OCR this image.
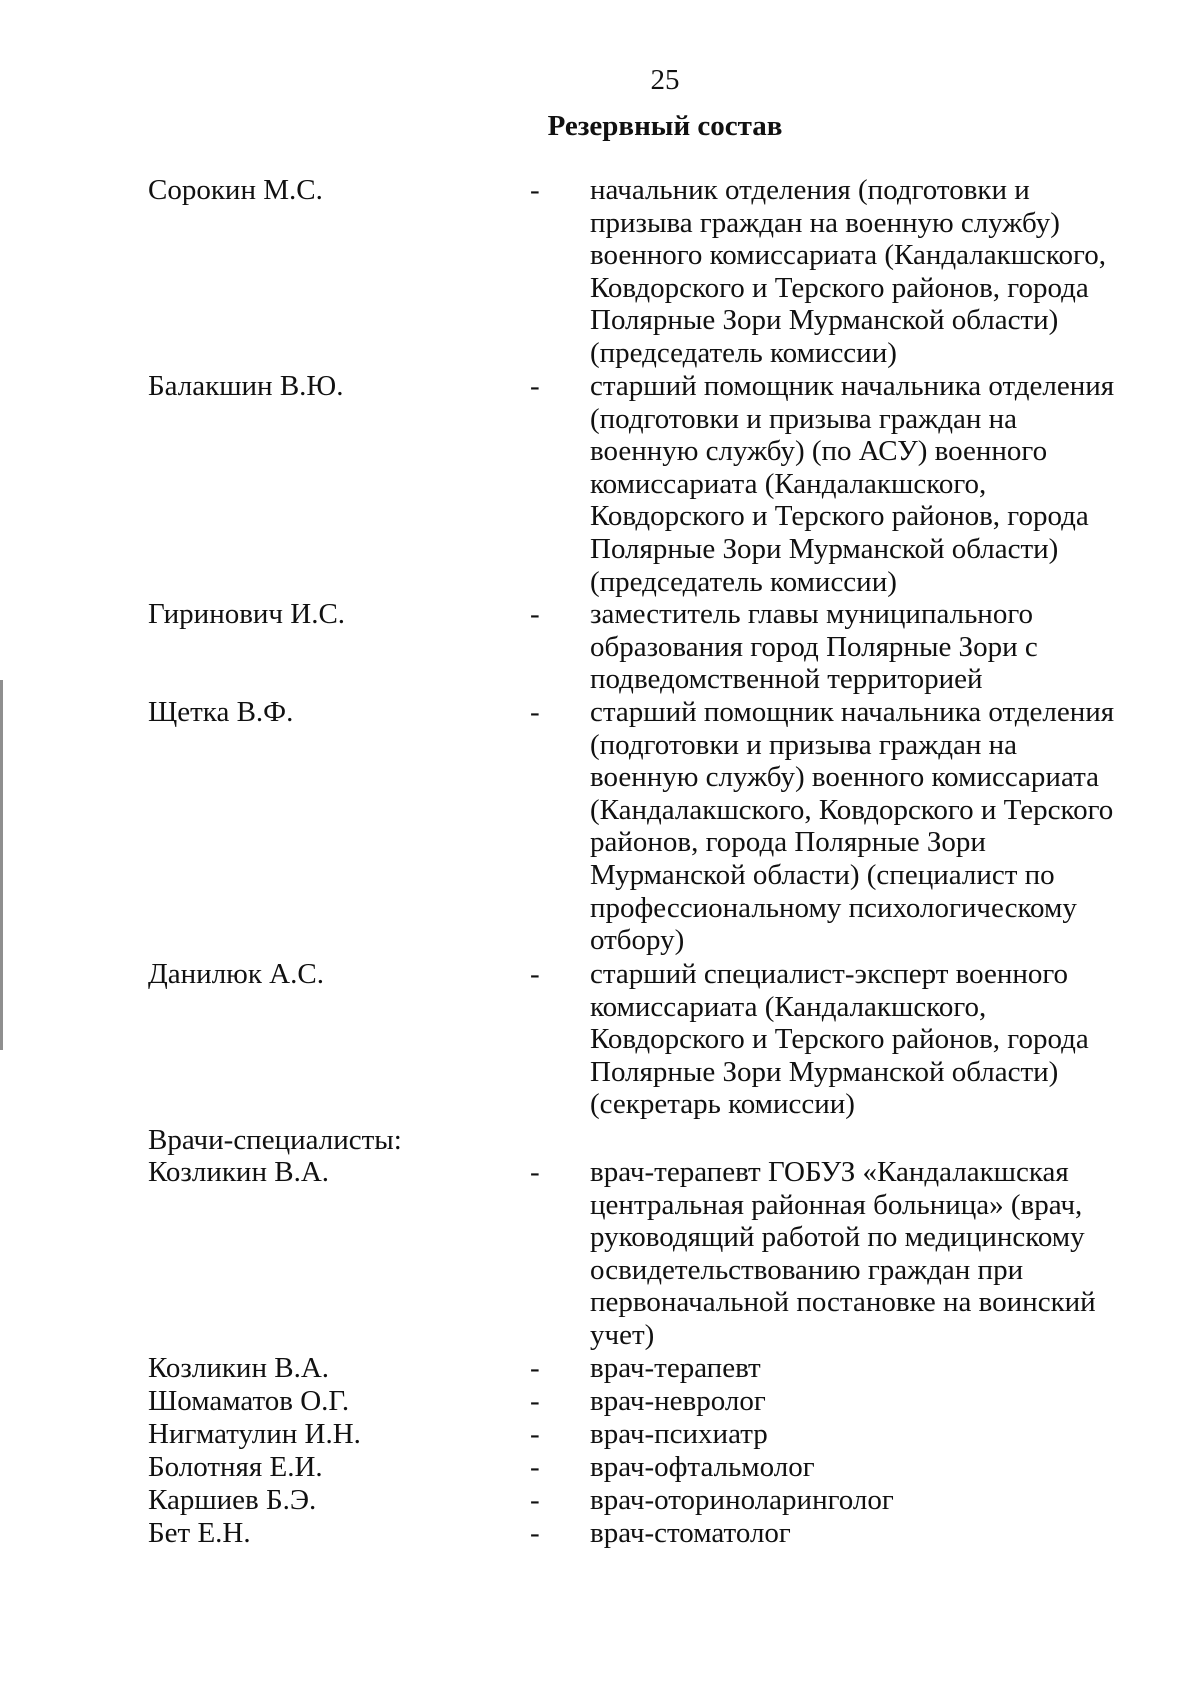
25
Резервный состав
Сорокин М.С.	- начальник отделения (подготовки и
призыва граждан на военную службу)
военного комиссариата (Кандалакшского,
Ковдорского и Терского районов, города
Полярные Зори Мурманской области)
(председатель комиссии)
Балакшин В.Ю.	- старший помощник начальника отделения
(подготовки и призыва граждан на
военную службу) (по АСУ) военного
комиссариата (Кандалакшского,
Ковдорского и Терского районов, города
Полярные Зори Мурманской области)
(председатель комиссии)
Гиринович И.С.	- заместитель главы муниципального
образования город Полярные Зори с
подведомственной территорией
Щетка В.Ф.	- старший помощник начальника отделения
(подготовки и призыва граждан на
военную службу) военного комиссариата
(Кандалакшского, Ковдорского и Терского
районов, города Полярные Зори
Мурманской области) (специалист по
профессиональному психологическому
отбору)
Данилюк А.С.	- старший специалист-эксперт военного
комиссариата (Кандалакшского,
Ковдорского и Терского районов, города
Полярные Зори Мурманской области)
(секретарь комиссии)
Врачи-специалисты:
Козликин В.А.	- врач-терапевт ГОБУЗ «Кандалакшская
центральная районная больница» (врач,
руководящий работой по медицинскому
освидетельствованию граждан при
первоначальной постановке на воинский
учет)
Козликин В.А.	- врач-терапевт
Шомаматов О.Г.	- врач-невролог
Нигматулин И.Н.	- врач-психиатр
Болотняя Е.И.	- врач-офтальмолог
Каршиев Б.Э.	- врач-оториноларинголог
Бет Е.Н.	- врач-стоматолог
